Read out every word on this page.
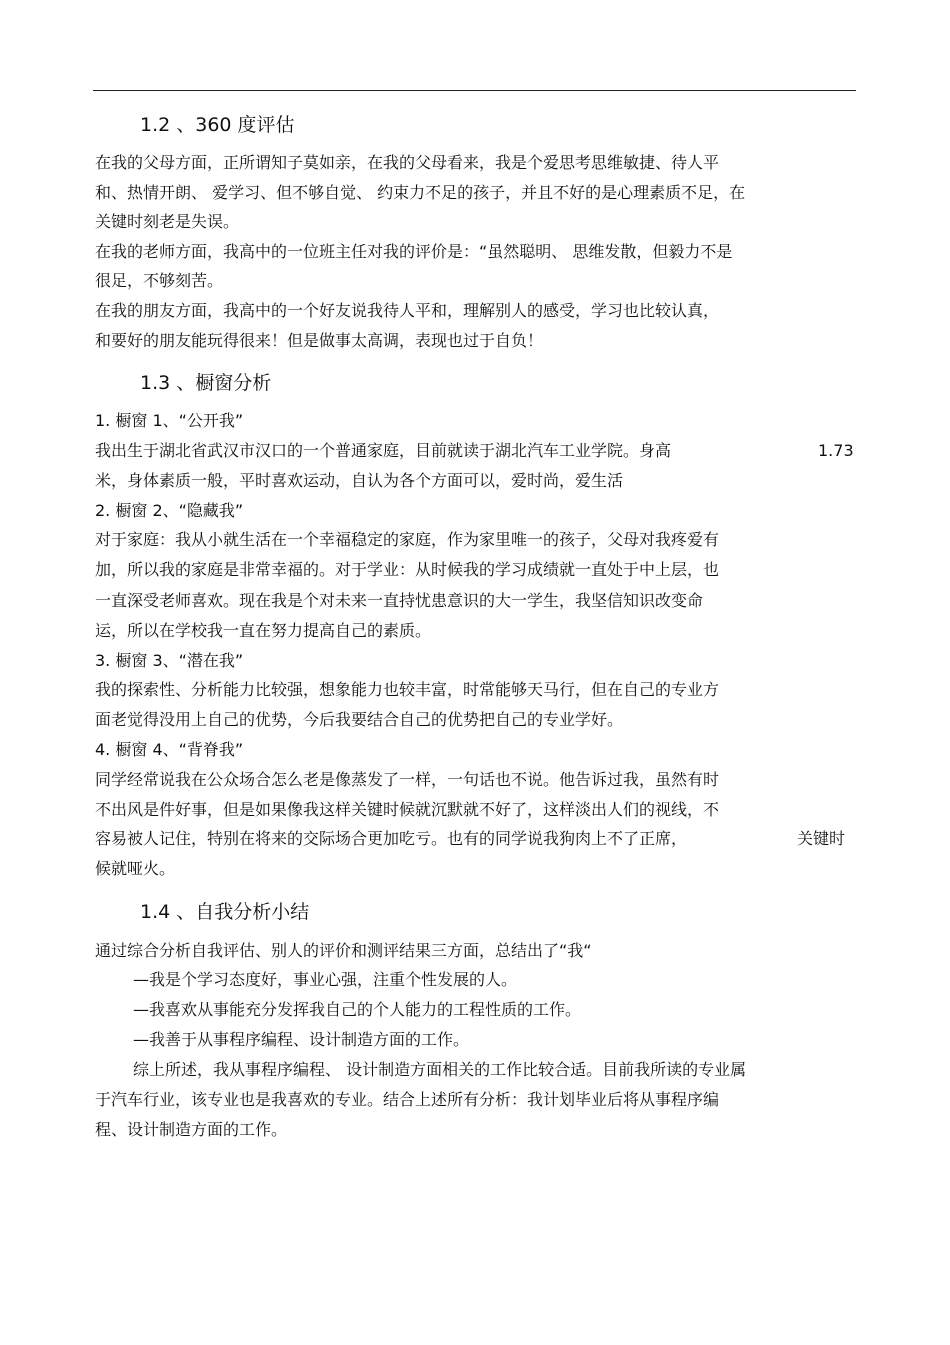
1.2 、360 度评估
在我的父母方面，正所谓知子莫如亲，在我的父母看来，我是个爱思考思维敏捷、待人平
和、热情开朗、 爱学习、但不够自觉、 约束力不足的孩子，并且不好的是心理素质不足，在
关键时刻老是失误。
在我的老师方面，我高中的一位班主任对我的评价是：“虽然聪明、 思维发散，但毅力不是
很足，不够刻苦。
在我的朋友方面，我高中的一个好友说我待人平和，理解别人的感受，学习也比较认真，
和要好的朋友能玩得很来！但是做事太高调，表现也过于自负！
1.3 、橱窗分析
1. 橱窗 1、“公开我”
我出生于湖北省武汉市汉口的一个普通家庭，目前就读于湖北汽车工业学院。身高	1.73
米，身体素质一般，平时喜欢运动，自认为各个方面可以，爱时尚，爱生活
2. 橱窗 2、“隐藏我”
对于家庭：我从小就生活在一个幸福稳定的家庭，作为家里唯一的孩子，父母对我疼爱有
加，所以我的家庭是非常幸福的。对于学业：从时候我的学习成绩就一直处于中上层，也
一直深受老师喜欢。现在我是个对未来一直持忧患意识的大一学生，我坚信知识改变命
运，所以在学校我一直在努力提高自己的素质。
3. 橱窗 3、“潜在我”
我的探索性、分析能力比较强，想象能力也较丰富，时常能够天马行，但在自己的专业方
面老觉得没用上自己的优势，今后我要结合自己的优势把自己的专业学好。
4. 橱窗 4、“背脊我”
同学经常说我在公众场合怎么老是像蒸发了一样，一句话也不说。他告诉过我，虽然有时
不出风是件好事，但是如果像我这样关键时候就沉默就不好了，这样淡出人们的视线，不
容易被人记住，特别在将来的交际场合更加吃亏。也有的同学说我狗肉上不了正席，	关键时
候就哑火。
1.4 、自我分析小结
通过综合分析自我评估、别人的评价和测评结果三方面，总结出了“我“
—我是个学习态度好，事业心强，注重个性发展的人。
—我喜欢从事能充分发挥我自己的个人能力的工程性质的工作。
—我善于从事程序编程、设计制造方面的工作。
综上所述，我从事程序编程、 设计制造方面相关的工作比较合适。目前我所读的专业属
于汽车行业，该专业也是我喜欢的专业。结合上述所有分析：我计划毕业后将从事程序编
程、设计制造方面的工作。
